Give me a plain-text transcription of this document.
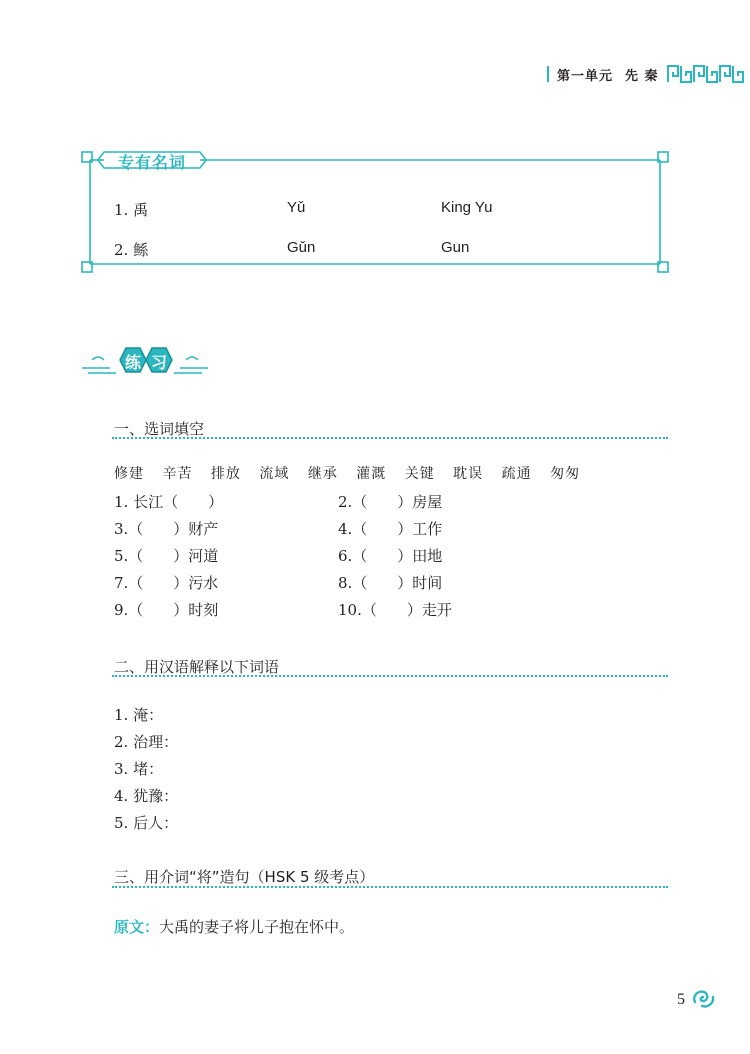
第一单元 先 秦
专有名词
1. 禹	Yǔ	King Yu
2. 鲧	Gǔn	Gun
练 习
一、选词填空
修建 辛苦 排放 流域 继承 灌溉 关键 耽误 疏通 匆匆
1. 长江（　　）	2.（　　）房屋
3.（　　）财产	4.（　　）工作
5.（　　）河道	6.（　　）田地
7.（　　）污水	8.（　　）时间
9.（　　）时刻	10.（　　）走开
二、用汉语解释以下词语
1. 淹：
2. 治理：
3. 堵：
4. 犹豫：
5. 后人：
三、用介词“将”造句（HSK 5 级考点）
原文：大禹的妻子将儿子抱在怀中。
5
